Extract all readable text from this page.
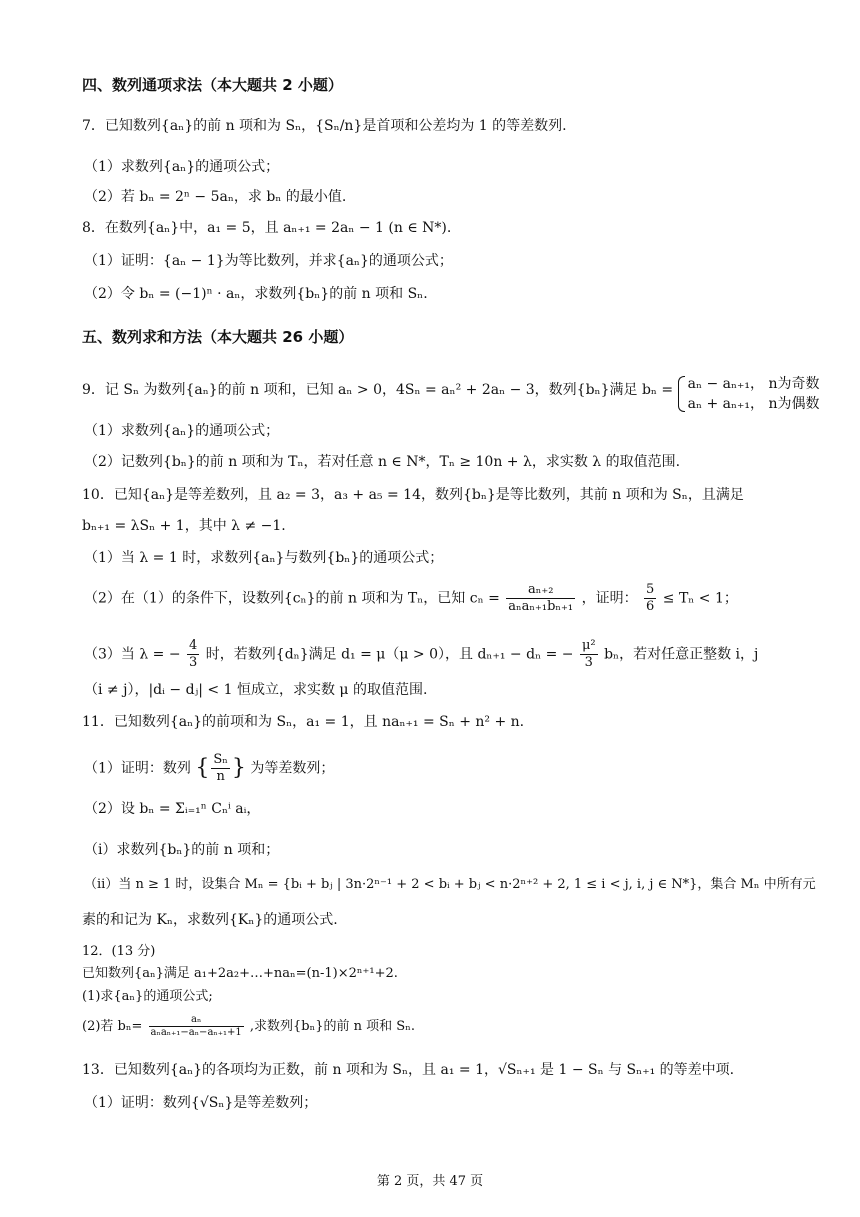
四、数列通项求法（本大题共 2 小题）
7．已知数列{aₙ}的前 n 项和为 Sₙ，{Sₙ/n}是首项和公差均为 1 的等差数列.
（1）求数列{aₙ}的通项公式；
（2）若 bₙ = 2ⁿ − 5aₙ，求 bₙ 的最小值.
8．在数列{aₙ}中，a₁ = 5，且 aₙ₊₁ = 2aₙ − 1 (n ∈ N*).
（1）证明：{aₙ − 1}为等比数列，并求{aₙ}的通项公式；
（2）令 bₙ = (−1)ⁿ · aₙ，求数列{bₙ}的前 n 项和 Sₙ.
五、数列求和方法（本大题共 26 小题）
9．记 Sₙ 为数列{aₙ}的前 n 项和，已知 aₙ > 0，4Sₙ = aₙ² + 2aₙ − 3，数列{bₙ}满足 bₙ = aₙ − aₙ₊₁， n为奇数
aₙ + aₙ₊₁， n为偶数
（1）求数列{aₙ}的通项公式；
（2）记数列{bₙ}的前 n 项和为 Tₙ，若对任意 n ∈ N*，Tₙ ≥ 10n + λ，求实数 λ 的取值范围.
10．已知{aₙ}是等差数列，且 a₂ = 3，a₃ + a₅ = 14，数列{bₙ}是等比数列，其前 n 项和为 Sₙ，且满足
bₙ₊₁ = λSₙ + 1，其中 λ ≠ −1.
（1）当 λ = 1 时，求数列{aₙ}与数列{bₙ}的通项公式；
（2）在（1）的条件下，设数列{cₙ}的前 n 项和为 Tₙ，已知 $c_n = \frac{\text{aₙ₊₂}}{\text{aₙaₙ₊₁bₙ₊₁}}$ ，证明： $\frac{5}{6} \le T_n < 1$；
（3）当 λ = − $\frac{4}{3}$ 时，若数列{dₙ}满足 d₁ = μ（μ > 0），且 dₙ₊₁ − dₙ = − $\frac{\text{μ²}}{3}$ bₙ，若对任意正整数 i，j
（i ≠ j），|dᵢ − dⱼ| < 1 恒成立，求实数 μ 的取值范围.
11．已知数列{aₙ}的前项和为 Sₙ，a₁ = 1，且 naₙ₊₁ = Sₙ + n² + n.
（1）证明：数列 { $\frac{\text{Sₙ}}{n}$ } 为等差数列；
（2）设 bₙ = Σᵢ₌₁ⁿ Cₙⁱ aᵢ，
（i）求数列{bₙ}的前 n 项和；
（ii）当 n ≥ 1 时，设集合 Mₙ = {bᵢ + bⱼ | 3n·2ⁿ⁻¹ + 2 < bᵢ + bⱼ < n·2ⁿ⁺² + 2, 1 ≤ i < j, i, j ∈ N*}，集合 Mₙ 中所有元
素的和记为 Kₙ，求数列{Kₙ}的通项公式.
12．(13 分)
已知数列{aₙ}满足 a₁+2a₂+…+naₙ=(n-1)×2ⁿ⁺¹+2.
(1)求{aₙ}的通项公式;
(2)若 $b_n= \frac{\text{aₙ}}{\text{aₙaₙ₊₁−aₙ−aₙ₊₁+1}}$ ,求数列{bₙ}的前 n 项和 Sₙ.
13．已知数列{aₙ}的各项均为正数，前 n 项和为 Sₙ，且 a₁ = 1，√Sₙ₊₁ 是 1 − Sₙ 与 Sₙ₊₁ 的等差中项.
（1）证明：数列{√Sₙ}是等差数列；
第 2 页，共 47 页
